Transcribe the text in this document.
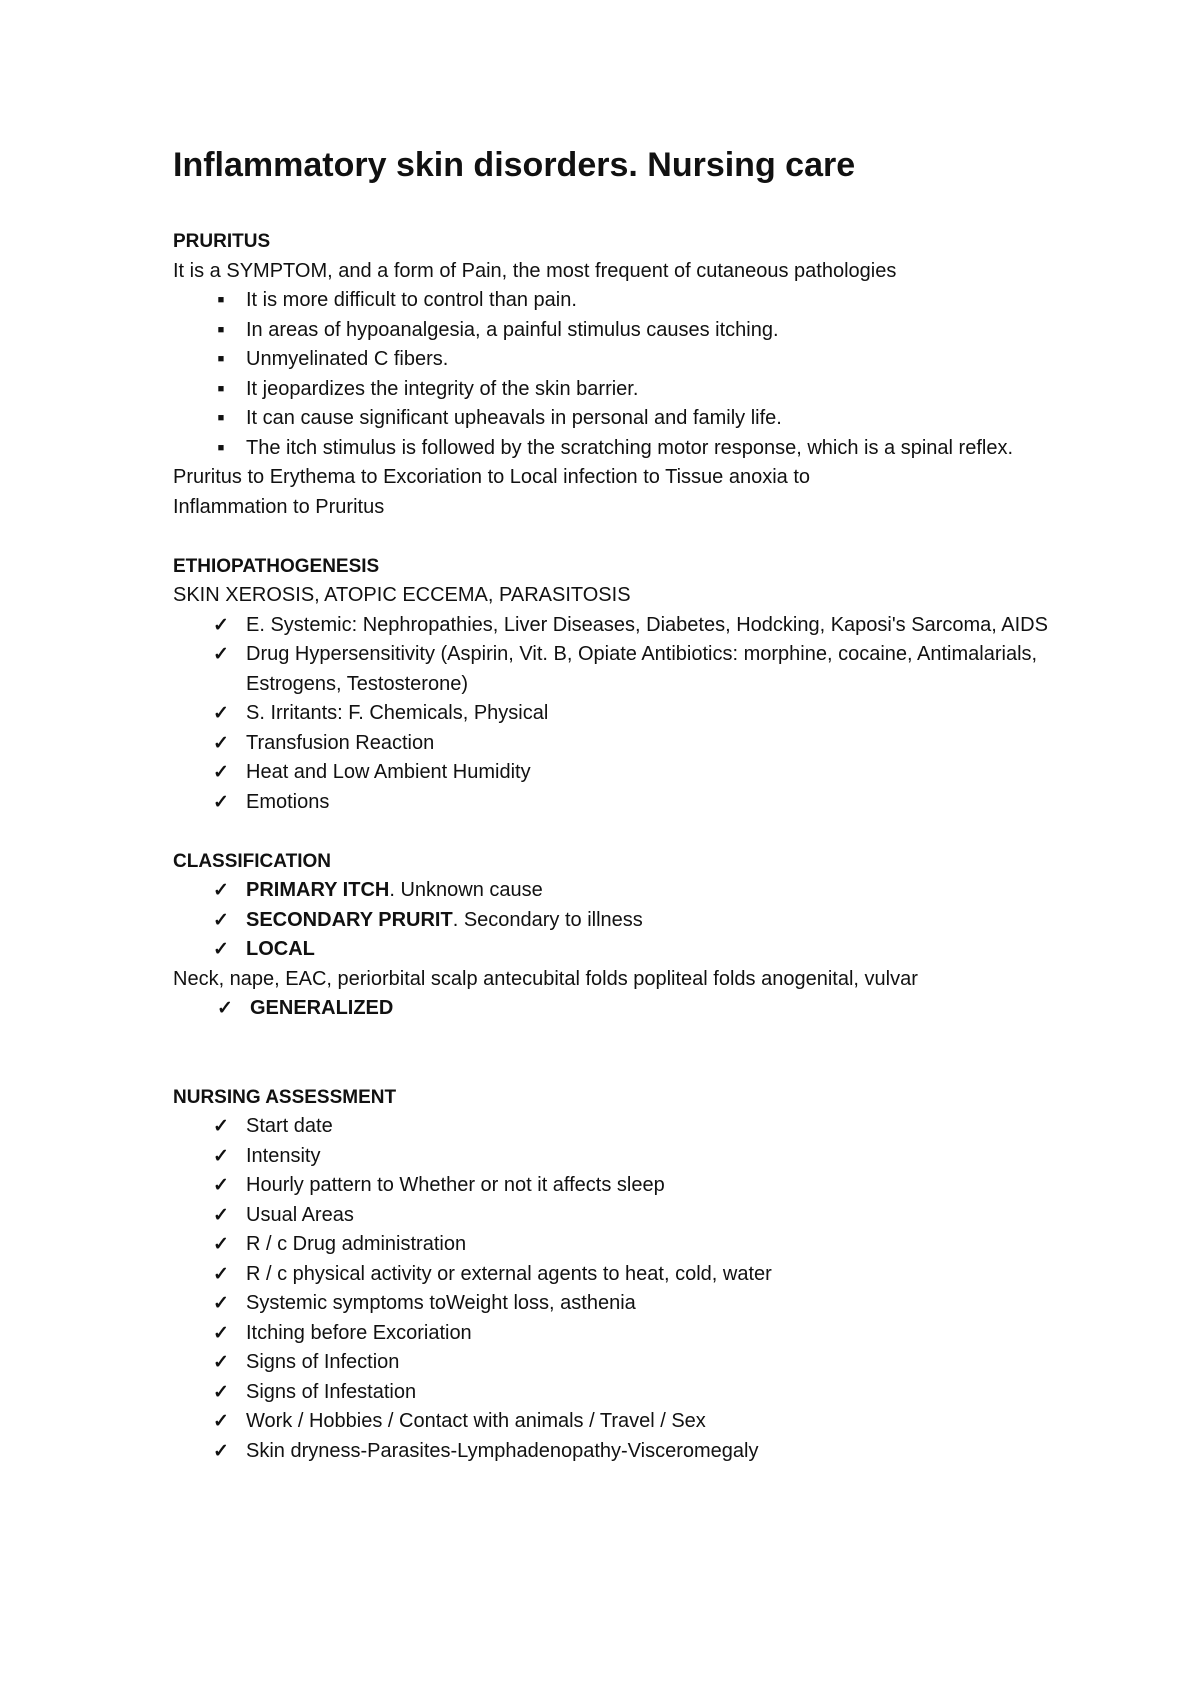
Inflammatory skin disorders. Nursing care

PRURITUS

It is a SYMPTOM, and a form of Pain, the most frequent of cutaneous pathologies

■	It is more difficult to control than pain.
■	In areas of hypoanalgesia, a painful stimulus causes itching.
■	Unmyelinated C fibers.
■	It jeopardizes the integrity of the skin barrier.
■	It can cause significant upheavals in personal and family life.
■	The itch stimulus is followed by the scratching motor response, which is a spinal reflex.

Pruritus to Erythema to Excoriation to Local infection to Tissue anoxia to

Inflammation to Pruritus

ETHIOPATHOGENESIS

SKIN XEROSIS, ATOPIC ECCEMA, PARASITOSIS

✓ E. Systemic: Nephropathies, Liver Diseases, Diabetes, Hodcking, Kaposi's Sarcoma, AIDS
✓ Drug Hypersensitivity (Aspirin, Vit. B, Opiate Antibiotics: morphine, cocaine, Antimalarials, Estrogens, Testosterone)
✓ S. Irritants: F. Chemicals, Physical
✓ Transfusion Reaction
✓ Heat and Low Ambient Humidity
✓ Emotions

CLASSIFICATION

✓ PRIMARY ITCH. Unknown cause
✓ SECONDARY PRURIT. Secondary to illness
✓ LOCAL

Neck, nape, EAC, periorbital scalp antecubital folds popliteal folds anogenital, vulvar

✓ GENERALIZED

NURSING ASSESSMENT

✓ Start date
✓ Intensity
✓ Hourly pattern to Whether or not it affects sleep
✓ Usual Areas
✓ R / c Drug administration
✓ R / c physical activity or external agents to heat, cold, water
✓ Systemic symptoms toWeight loss, asthenia
✓ Itching before Excoriation
✓ Signs of Infection
✓ Signs of Infestation
✓ Work / Hobbies / Contact with animals / Travel / Sex
✓ Skin dryness-Parasites-Lymphadenopathy-Visceromegaly
